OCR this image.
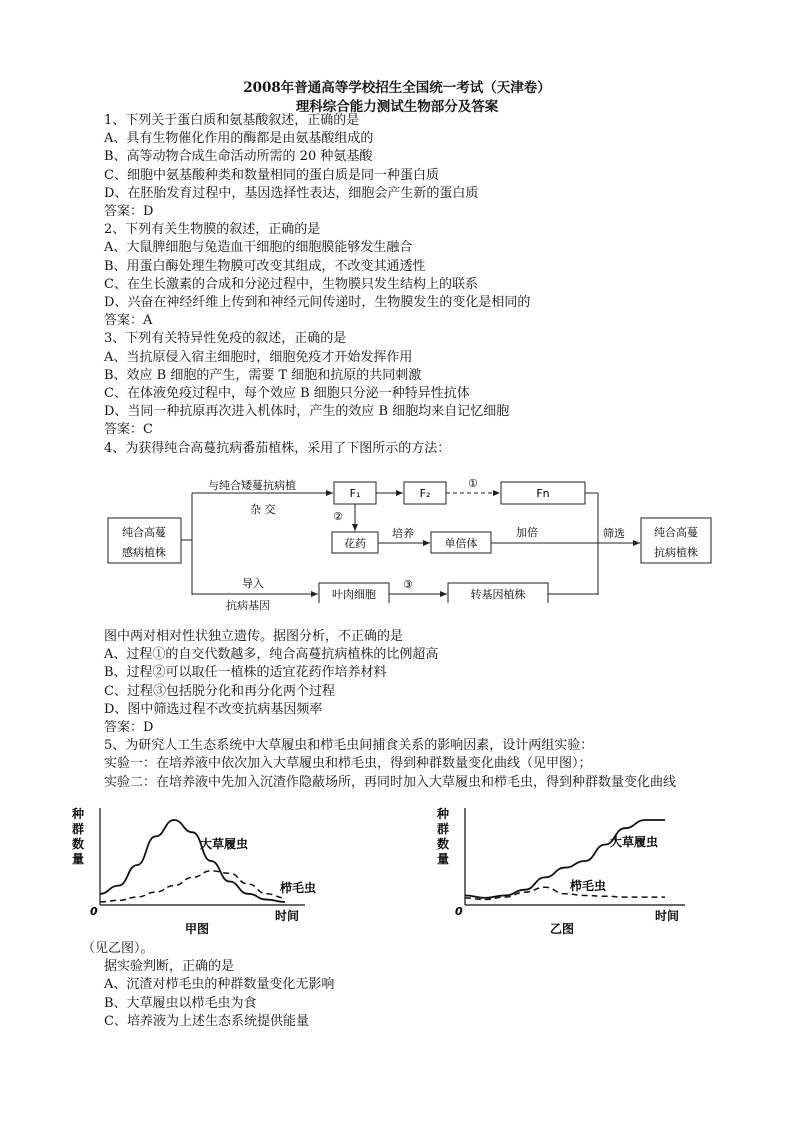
2008年普通高等学校招生全国统一考试（天津卷）
理科综合能力测试生物部分及答案
1、下列关于蛋白质和氨基酸叙述，正确的是
A、具有生物催化作用的酶都是由氨基酸组成的
B、高等动物合成生命活动所需的 20 种氨基酸
C、细胞中氨基酸种类和数量相同的蛋白质是同一种蛋白质
D、在胚胎发育过程中，基因选择性表达，细胞会产生新的蛋白质
答案：D
2、下列有关生物膜的叙述，正确的是
A、大鼠脾细胞与兔造血干细胞的细胞膜能够发生融合
B、用蛋白酶处理生物膜可改变其组成，不改变其通透性
C、在生长激素的合成和分泌过程中，生物膜只发生结构上的联系
D、兴奋在神经纤维上传到和神经元间传递时，生物膜发生的变化是相同的
答案：A
3、下列有关特异性免疫的叙述，正确的是
A、当抗原侵入宿主细胞时，细胞免疫才开始发挥作用
B、效应 B 细胞的产生，需要 T 细胞和抗原的共同刺激
C、在体液免疫过程中，每个效应 B 细胞只分泌一种特异性抗体
D、当同一种抗原再次进入机体时，产生的效应 B 细胞均来自记忆细胞
答案：C
4、为获得纯合高蔓抗病番茄植株，采用了下图所示的方法：
纯合高蔓
感病植株
与纯合矮蔓抗病植
杂 交
F₁	F₂
①
Fn
筛选	纯合高蔓
抗病植株
②
花药
培养
单倍体
加倍
导入
叶肉细胞
③
转基因植株
抗病基因
图中两对相对性状独立遗传。据图分析，不正确的是
A、过程①的自交代数越多，纯合高蔓抗病植株的比例超高
B、过程②可以取任一植株的适宜花药作培养材料
C、过程③包括脱分化和再分化两个过程
D、图中筛选过程不改变抗病基因频率
答案：D
5、为研究人工生态系统中大草履虫和栉毛虫间捕食关系的影响因素，设计两组实验：
实验一：在培养液中依次加入大草履虫和栉毛虫，得到种群数量变化曲线（见甲图）；
实验二：在培养液中先加入沉渣作隐蔽场所，再同时加入大草履虫和栉毛虫，得到种群数量变化曲线
种
群
数
量
0	时间
甲图
大草履虫
栉毛虫
种
群
数
量
0	时间
乙图
大草履虫
栉毛虫
（见乙图）。
据实验判断，正确的是
A、沉渣对栉毛虫的种群数量变化无影响
B、大草履虫以栉毛虫为食
C、培养液为上述生态系统提供能量
